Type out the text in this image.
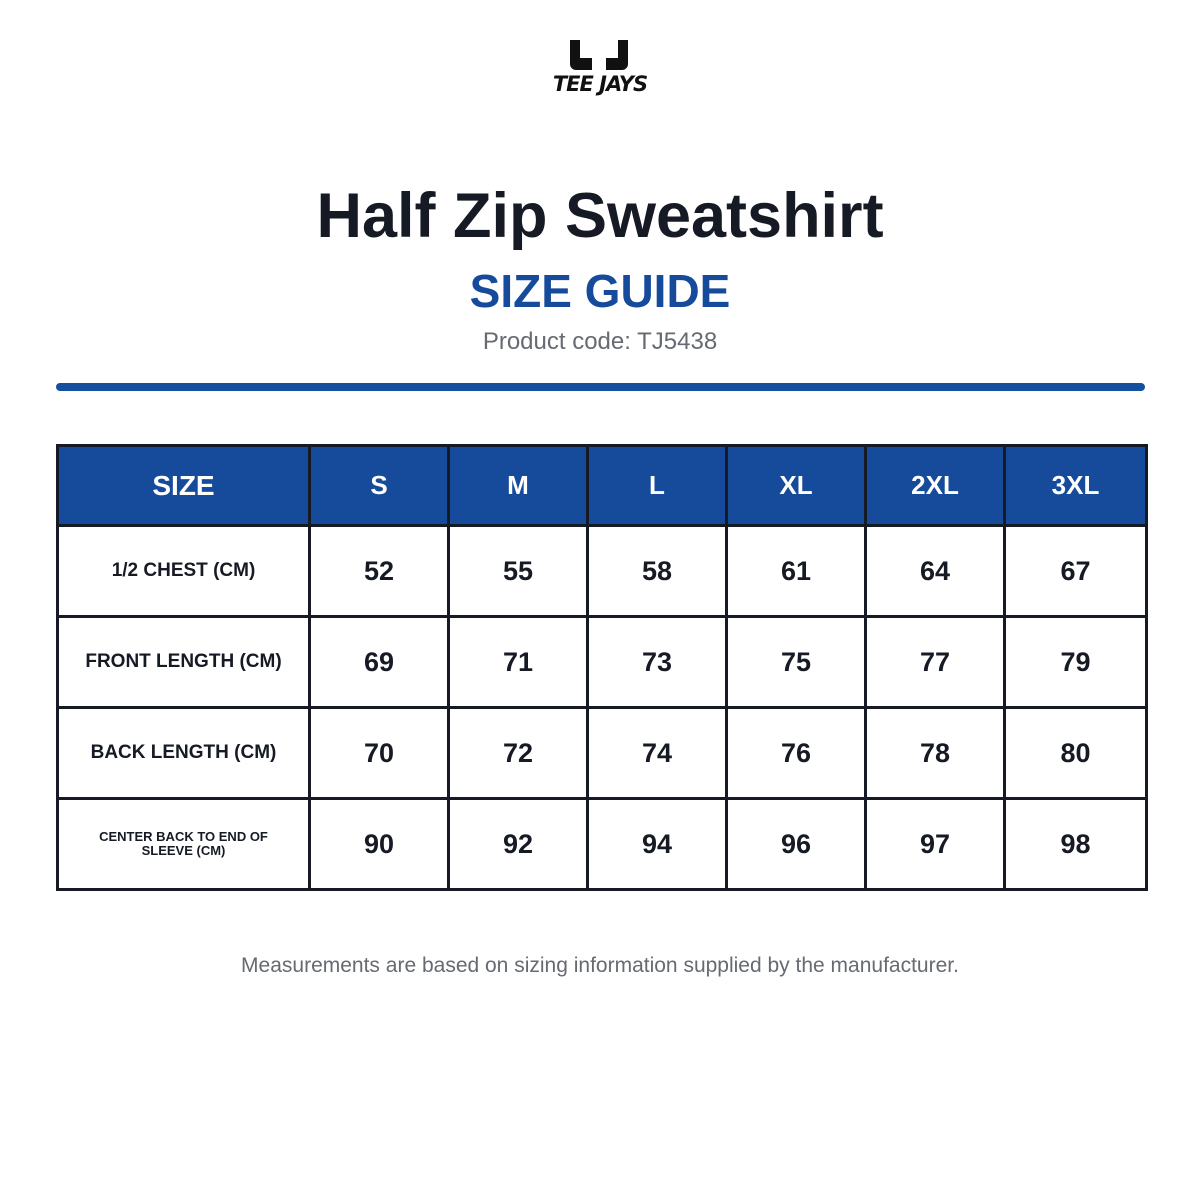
TEE JAYS
Half Zip Sweatshirt
SIZE GUIDE
Product code: TJ5438
SIZE	S	M	L	XL	2XL	3XL
1/2 CHEST (CM)	52	55	58	61	64	67
FRONT LENGTH (CM)	69	71	73	75	77	79
BACK LENGTH (CM)	70	72	74	76	78	80
CENTER BACK TO END OF SLEEVE (CM)	90	92	94	96	97	98
Measurements are based on sizing information supplied by the manufacturer.
